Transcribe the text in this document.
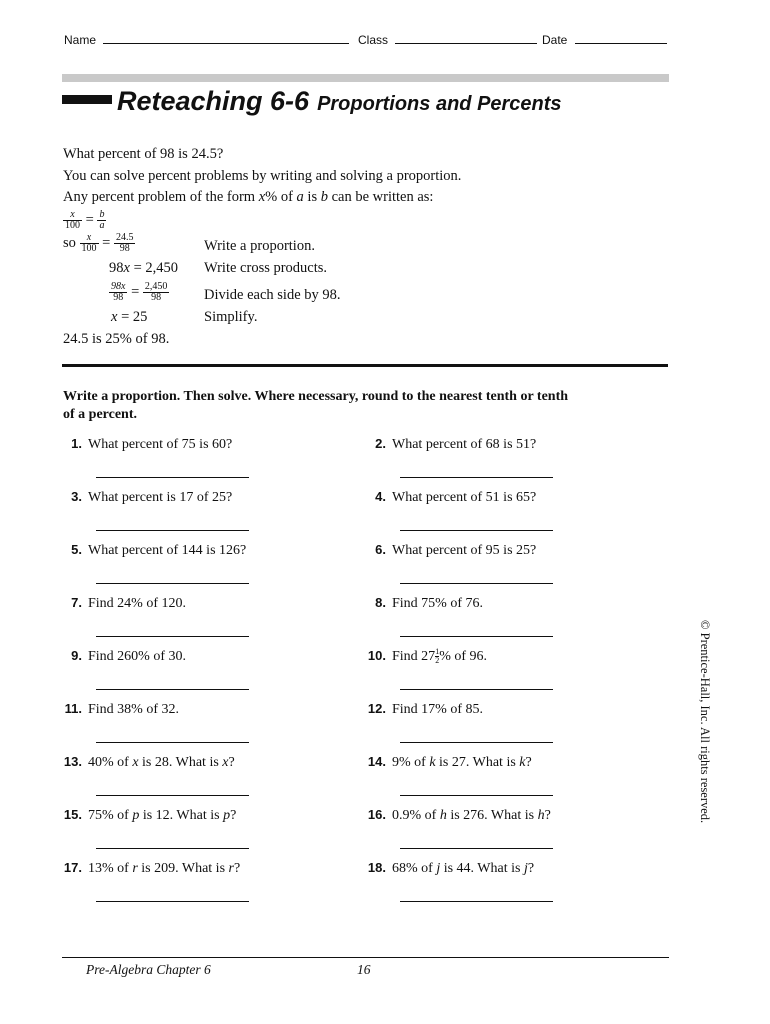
Name	Class	Date
Reteaching 6-6 Proportions and Percents
What percent of 98 is 24.5?
You can solve percent problems by writing and solving a proportion.
Any percent problem of the form x% of a is b can be written as:
$\frac{x}{100} = \frac{b}{a}$
so $\frac{x}{100} = \frac{24.5}{98}$	Write a proportion.
98x = 2,450 Write cross products.
$\frac{98x}{98} = \frac{2,450}{98}$ Divide each side by 98.
x = 25	Simplify.
24.5 is 25% of 98.
Write a proportion. Then solve. Where necessary, round to the nearest tenth or tenth of a percent.
1. What percent of 75 is 60?	2. What percent of 68 is 51?
3. What percent is 17 of 25?	4. What percent of 51 is 65?
5. What percent of 144 is 126?	6. What percent of 95 is 25?
7. Find 24% of 120.	8. Find 75% of 76.
9. Find 260% of 30.	10. Find $27 \frac{1}{2}\%$ of 96.
11. Find 38% of 32.	12. Find 17% of 85.
13. 40% of x is 28. What is x?	14. 9% of k is 27. What is k?
15. 75% of p is 12. What is p?	16. 0.9% of h is 276. What is h?
17. 13% of r is 209. What is r?	18. 68% of j is 44. What is j?
Pre-Algebra Chapter 6	16
© Prentice-Hall, Inc. All rights reserved.
